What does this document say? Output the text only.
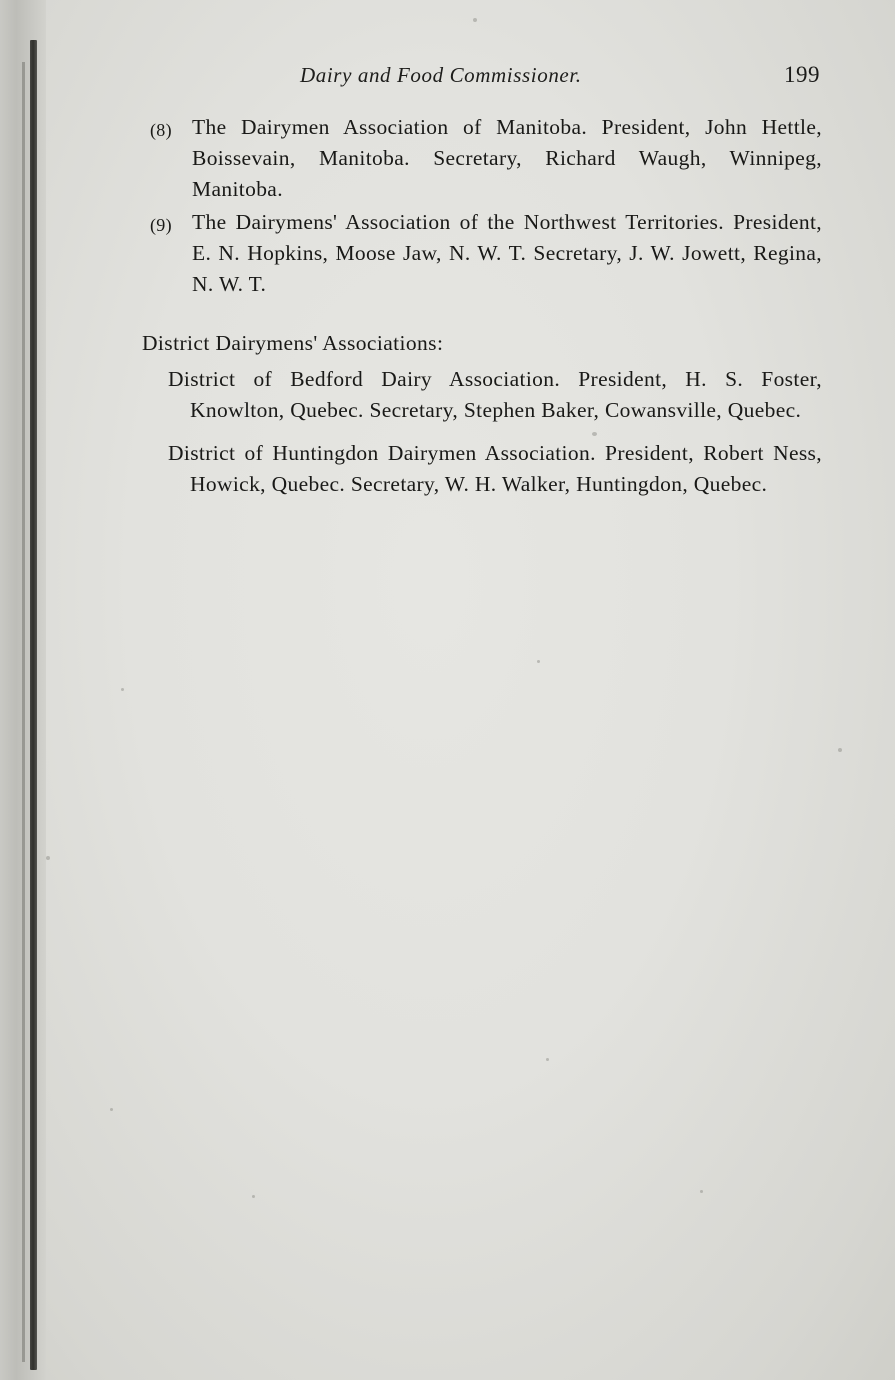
Dairy and Food Commissioner.	199
(8) The Dairymen Association of Manitoba. President, John Hettle, Boissevain, Manitoba. Secretary, Richard Waugh, Winnipeg, Manitoba.
(9) The Dairymens' Association of the Northwest Territories. President, E. N. Hopkins, Moose Jaw, N. W. T. Secretary, J. W. Jowett, Regina, N. W. T.
District Dairymens' Associations:
District of Bedford Dairy Association. President, H. S. Foster, Knowlton, Quebec. Secretary, Stephen Baker, Cowansville, Quebec.
District of Huntingdon Dairymen Association. President, Robert Ness, Howick, Quebec. Secretary, W. H. Walker, Huntingdon, Quebec.
